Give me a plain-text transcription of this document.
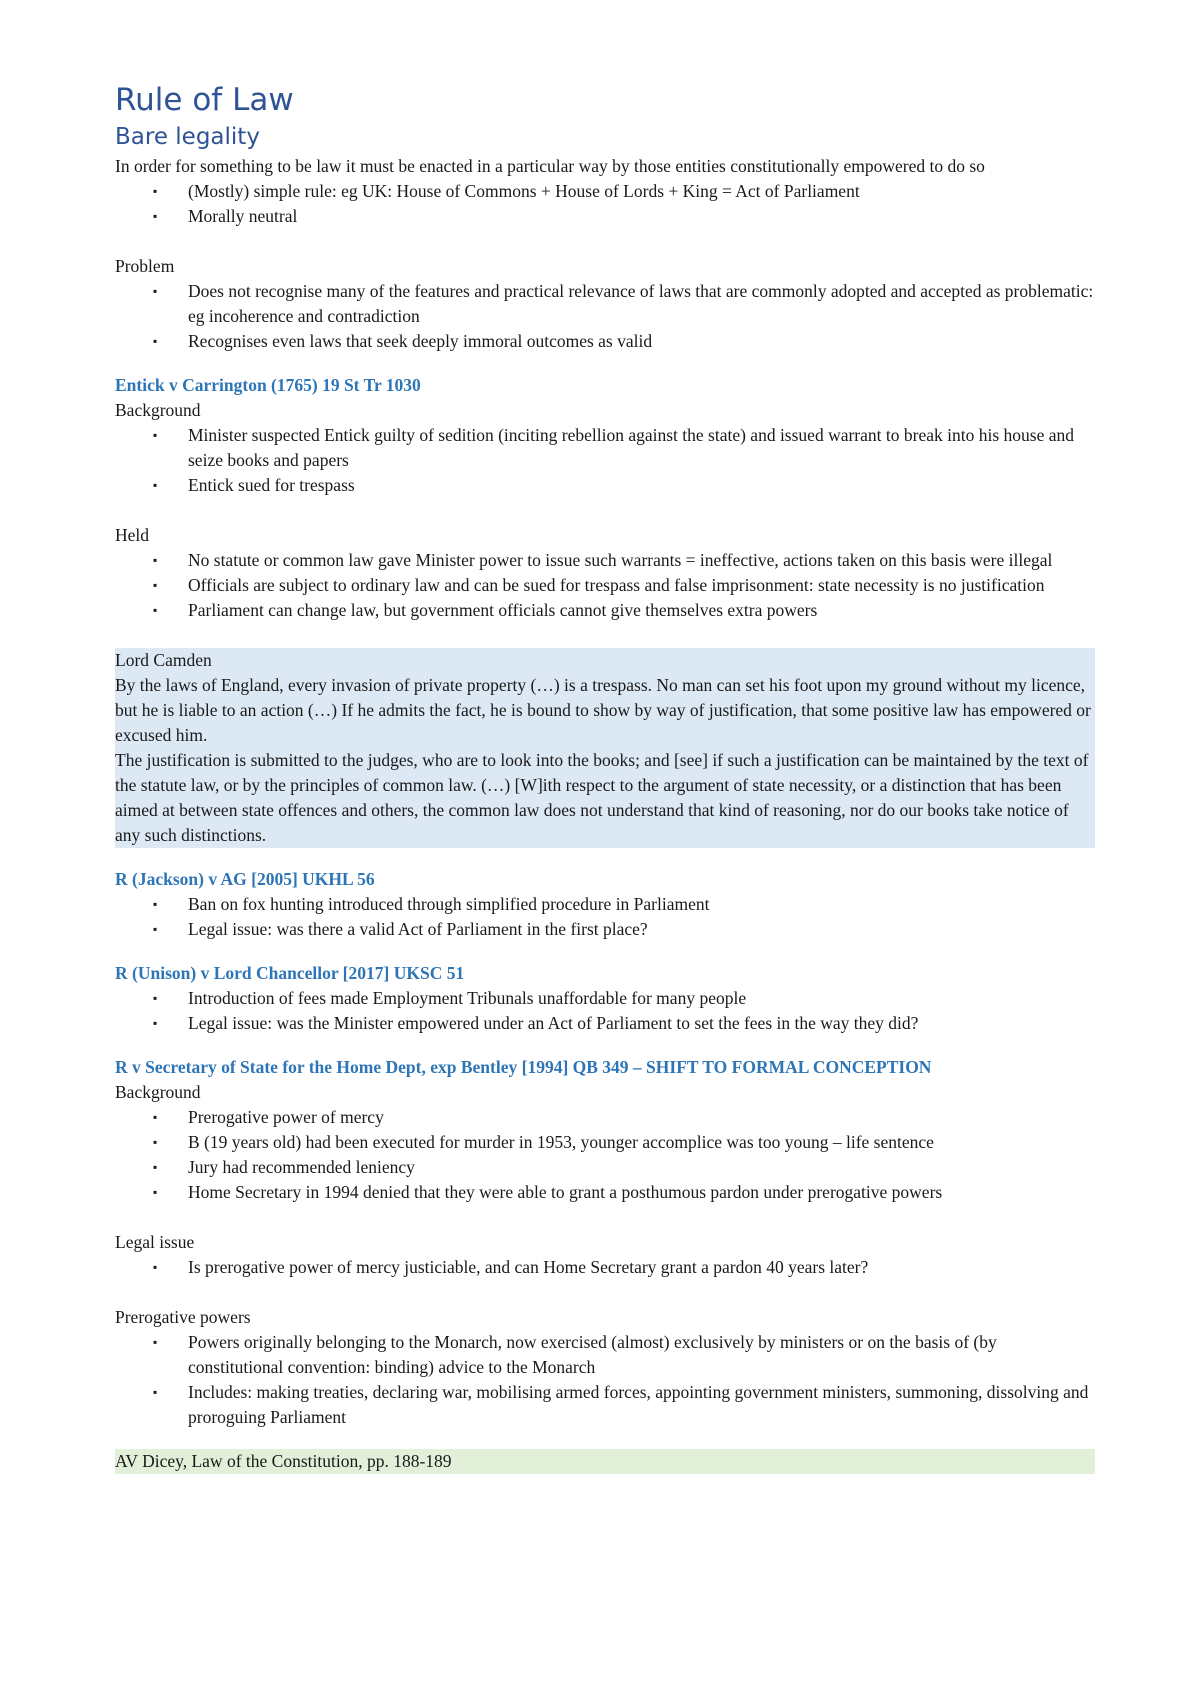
Rule of Law
Bare legality

In order for something to be law it must be enacted in a particular way by those entities constitutionally empowered to do so

▪ (Mostly) simple rule: eg UK: House of Commons + House of Lords + King = Act of Parliament
▪ Morally neutral

Problem

▪ Does not recognise many of the features and practical relevance of laws that are commonly adopted and accepted as problematic: eg incoherence and contradiction
▪ Recognises even laws that seek deeply immoral outcomes as valid

Entick v Carrington (1765) 19 St Tr 1030

Background

▪ Minister suspected Entick guilty of sedition (inciting rebellion against the state) and issued warrant to break into his house and seize books and papers
▪ Entick sued for trespass

Held

▪ No statute or common law gave Minister power to issue such warrants = ineffective, actions taken on this basis were illegal
▪ Officials are subject to ordinary law and can be sued for trespass and false imprisonment: state necessity is no justification
▪ Parliament can change law, but government officials cannot give themselves extra powers

Lord Camden

By the laws of England, every invasion of private property (…) is a trespass. No man can set his foot upon my ground without my licence, but he is liable to an action (…) If he admits the fact, he is bound to show by way of justification, that some positive law has empowered or excused him.

The justification is submitted to the judges, who are to look into the books; and [see] if such a justification can be maintained by the text of the statute law, or by the principles of common law. (…) [W]ith respect to the argument of state necessity, or a distinction that has been aimed at between state offences and others, the common law does not understand that kind of reasoning, nor do our books take notice of any such distinctions.

R (Jackson) v AG [2005] UKHL 56

▪ Ban on fox hunting introduced through simplified procedure in Parliament
▪ Legal issue: was there a valid Act of Parliament in the first place?

R (Unison) v Lord Chancellor [2017] UKSC 51

▪ Introduction of fees made Employment Tribunals unaffordable for many people
▪ Legal issue: was the Minister empowered under an Act of Parliament to set the fees in the way they did?

R v Secretary of State for the Home Dept, exp Bentley [1994] QB 349 – SHIFT TO FORMAL CONCEPTION

Background

▪ Prerogative power of mercy
▪ B (19 years old) had been executed for murder in 1953, younger accomplice was too young – life sentence
▪ Jury had recommended leniency
▪ Home Secretary in 1994 denied that they were able to grant a posthumous pardon under prerogative powers

Legal issue

▪ Is prerogative power of mercy justiciable, and can Home Secretary grant a pardon 40 years later?

Prerogative powers

▪ Powers originally belonging to the Monarch, now exercised (almost) exclusively by ministers or on the basis of (by constitutional convention: binding) advice to the Monarch
▪ Includes: making treaties, declaring war, mobilising armed forces, appointing government ministers, summoning, dissolving and proroguing Parliament

AV Dicey, Law of the Constitution, pp. 188-189
